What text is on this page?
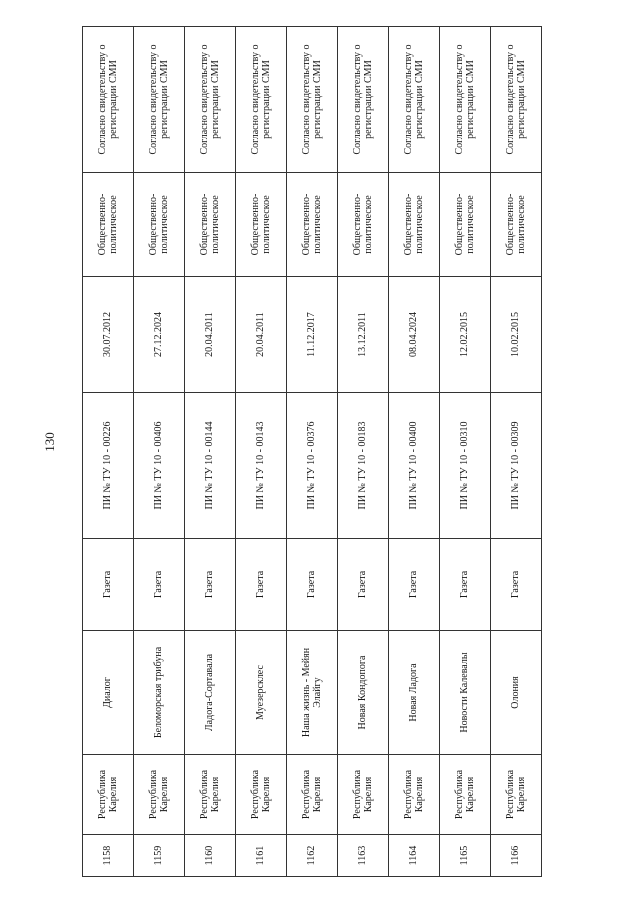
130
1158	Республика Карелия	Диалог	Газета	ПИ № ТУ 10 - 00226	30.07.2012	Общественно-политическое	Согласно свидетельству о регистрации СМИ
1159	Республика Карелия	Беломорская трибуна	Газета	ПИ № ТУ 10 - 00406	27.12.2024	Общественно-политическое	Согласно свидетельству о регистрации СМИ
1160	Республика Карелия	Ладога-Сортавала	Газета	ПИ № ТУ 10 - 00144	20.04.2011	Общественно-политическое	Согласно свидетельству о регистрации СМИ
1161	Республика Карелия	Муезерсклес	Газета	ПИ № ТУ 10 - 00143	20.04.2011	Общественно-политическое	Согласно свидетельству о регистрации СМИ
1162	Республика Карелия	Наша жизнь - Мейян Элайгу	Газета	ПИ № ТУ 10 - 00376	11.12.2017	Общественно-политическое	Согласно свидетельству о регистрации СМИ
1163	Республика Карелия	Новая Кондопога	Газета	ПИ № ТУ 10 - 00183	13.12.2011	Общественно-политическое	Согласно свидетельству о регистрации СМИ
1164	Республика Карелия	Новая Ладога	Газета	ПИ № ТУ 10 - 00400	08.04.2024	Общественно-политическое	Согласно свидетельству о регистрации СМИ
1165	Республика Карелия	Новости Калевалы	Газета	ПИ № ТУ 10 - 00310	12.02.2015	Общественно-политическое	Согласно свидетельству о регистрации СМИ
1166	Республика Карелия	Олония	Газета	ПИ № ТУ 10 - 00309	10.02.2015	Общественно-политическое	Согласно свидетельству о регистрации СМИ
